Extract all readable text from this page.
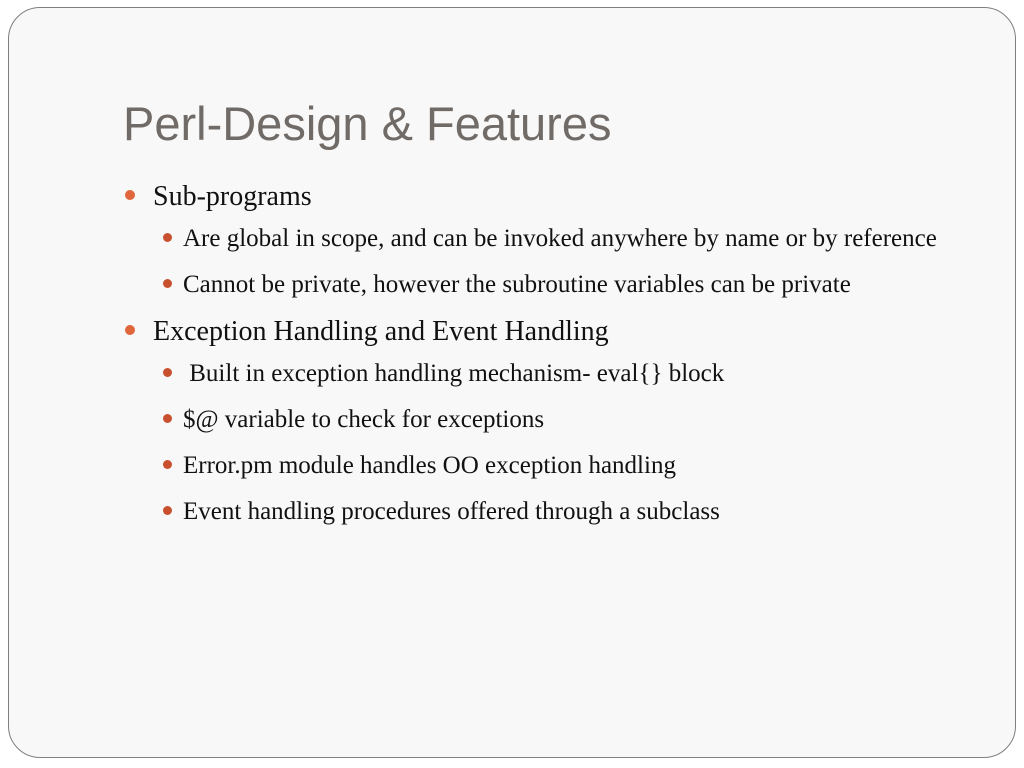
Perl-Design & Features
Sub-programs
Are global in scope, and can be invoked anywhere by name or by reference
Cannot be private, however the subroutine variables can be private
Exception Handling and Event Handling
Built in exception handling mechanism- eval{} block
$@ variable to check for exceptions
Error.pm module handles OO exception handling
Event handling procedures offered through a subclass
